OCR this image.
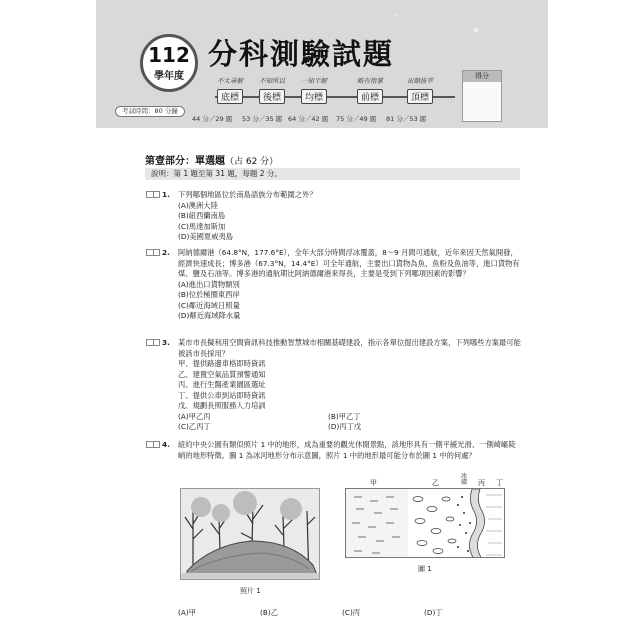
112
學年度
分科測驗試題
不太尋解
底標
不知所以
後標
一知半解
均標
略有指掌
前標
出類拔萃
頂標
考試時間：80 分鐘
44 分／29 題 53 分／35 題 64 分／42 題 75 分／49 題 81 分／53 題
得分
第壹部分：單選題（占 62 分）
說明：第 1 題至第 31 題，每題 2 分。
1. 下列哪個地區位於南島語族分布範圍之外？
(A)澳洲大陸
(B)紐西蘭南島
(C)馬達加斯加
(D)美國夏威夷島
2. 阿納德爾港（64.8°N，177.6°E），全年大部分時間浮冰覆蓋，8～9 月間可通航，近年來因天然氣開發，經濟快速成長；博多港（67.3°N，14.4°E）可全年通航，主要出口貨物為魚、魚粉及魚油等，進口貨物有煤、鹽及石油等。博多港的通航期比阿納德爾港來得長，主要是受到下列哪項因素的影響？
(A)進出口貨物類別
(B)位於極圈東西岸
(C)鄰近海域日照量
(D)鄰近海域降水量
3. 某市市長擬利用空間資訊科技推動智慧城市相關基礎建設，指示各單位提出建設方案，下列哪些方案最可能被該市長採用？
甲、提供路邊車格即時資訊
乙、建置空氣品質預警通知
丙、進行生醫產業園區選址
丁、提供公車到站即時資訊
戊、規劃長照服務人力培訓
(A)甲乙丙	(B)甲乙丁
(C)乙丙丁	(D)丙丁戊
4. 紐約中央公園有類似照片 1 中的地形，成為重要的觀光休閒景點，該地形具有一側平緩光滑、一側崎嶇陡峭的地形特徵。圖 1 為冰河地形分布示意圖，照片 1 中的地形最可能分布於圖 1 中的何處？
照片 1
甲	乙
冰磧	丙 丁
圖 1
(A)甲	(B)乙	(C)丙	(D)丁
